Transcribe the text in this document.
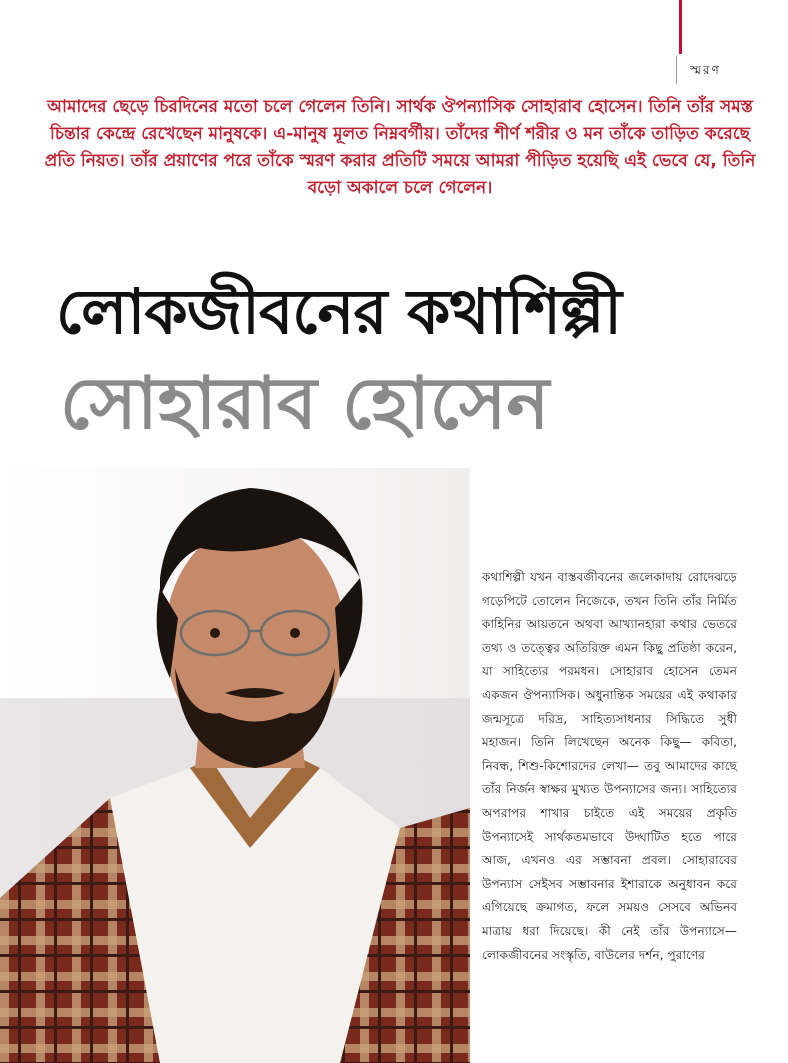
স্মরণ
আমাদের ছেড়ে চিরদিনের মতো চলে গেলেন তিনি। সার্থক ঔপন্যাসিক সোহারাব হোসেন। তিনি তাঁর সমস্ত চিন্তার কেন্দ্রে রেখেছেন মানুষকে। এ-মানুষ মূলত নিম্নবর্গীয়। তাঁদের শীর্ণ শরীর ও মন তাঁকে তাড়িত করেছে প্রতি নিয়ত। তাঁর প্রয়াণের পরে তাঁকে স্মরণ করার প্রতিটি সময়ে আমরা পীড়িত হয়েছি এই ভেবে যে, তিনি বড়ো অকালে চলে গেলেন।
লোকজীবনের কথাশিল্পী
সোহারাব হোসেন
কথাশিল্পী যখন বাস্তবজীবনের জলেকাদায় রোদেঝড়ে গড়েপিটে তোলেন নিজেকে, তখন তিনি তাঁর নির্মিত কাহিনির আয়তনে অথবা আখ্যানহারা কথার ভেতরে তথ্য ও তত্ত্বের অতিরিক্ত এমন কিছু প্রতিষ্ঠা করেন, যা সাহিত্যের পরমধন। সোহারাব হোসেন তেমন একজন ঔপন্যাসিক। অধুনান্তিক সময়ের এই কথাকার জন্মসূত্রে দরিদ্র, সাহিত্যসাধনার সিদ্ধিতে সুধী মহাজন। তিনি লিখেছেন অনেক কিছু— কবিতা, নিবন্ধ, শিশু-কিশোরদের লেখা— তবু আমাদের কাছে তাঁর নির্জন স্বাক্ষর মুখ্যত উপন্যাসের জন্য। সাহিত্যের অপরাপর শাখার চাইতে এই সময়ের প্রকৃতি উপন্যাসেই সার্থকতমভাবে উদ্ঘাটিত হতে পারে আজ, এখনও এর সম্ভাবনা প্রবল। সোহারাবের উপন্যাস সেইসব সম্ভাবনার ইশারাকে অনুধাবন করে এগিয়েছে ক্রমাগত, ফলে সময়ও সেসবে অভিনব মাত্রায় ধরা দিয়েছে। কী নেই তাঁর উপন্যাসে— লোকজীবনের সংস্কৃতি, বাউলের দর্শন, পুরাণের
